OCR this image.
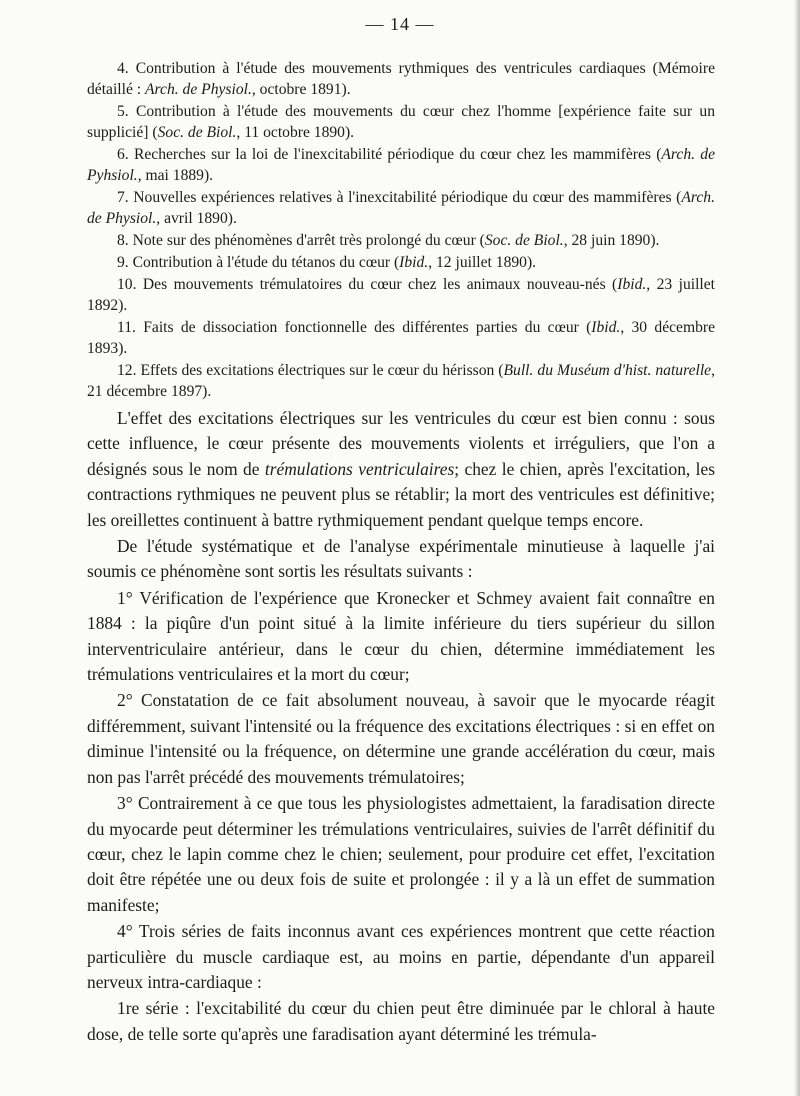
— 14 —

4. Contribution à l'étude des mouvements rythmiques des ventricules cardiaques (Mémoire détaillé : Arch. de Physiol., octobre 1891).

5. Contribution à l'étude des mouvements du cœur chez l'homme [expérience faite sur un supplicié] (Soc. de Biol., 11 octobre 1890).

6. Recherches sur la loi de l'inexcitabilité périodique du cœur chez les mammifères (Arch. de Pyhsiol., mai 1889).

7. Nouvelles expériences relatives à l'inexcitabilité périodique du cœur des mammifères (Arch. de Physiol., avril 1890).

8. Note sur des phénomènes d'arrêt très prolongé du cœur (Soc. de Biol., 28 juin 1890).

9. Contribution à l'étude du tétanos du cœur (Ibid., 12 juillet 1890).

10. Des mouvements trémulatoires du cœur chez les animaux nouveau-nés (Ibid., 23 juillet 1892).

11. Faits de dissociation fonctionnelle des différentes parties du cœur (Ibid., 30 décembre 1893).

12. Effets des excitations électriques sur le cœur du hérisson (Bull. du Muséum d'hist. naturelle, 21 décembre 1897).

L'effet des excitations électriques sur les ventricules du cœur est bien connu : sous cette influence, le cœur présente des mouvements violents et irréguliers, que l'on a désignés sous le nom de trémulations ventriculaires; chez le chien, après l'excitation, les contractions rythmiques ne peuvent plus se rétablir; la mort des ventricules est définitive; les oreillettes continuent à battre rythmiquement pendant quelque temps encore.

De l'étude systématique et de l'analyse expérimentale minutieuse à laquelle j'ai soumis ce phénomène sont sortis les résultats suivants :

1° Vérification de l'expérience que Kronecker et Schmey avaient fait connaître en 1884 : la piqûre d'un point situé à la limite inférieure du tiers supérieur du sillon interventriculaire antérieur, dans le cœur du chien, détermine immédiatement les trémulations ventriculaires et la mort du cœur;

2° Constatation de ce fait absolument nouveau, à savoir que le myocarde réagit différemment, suivant l'intensité ou la fréquence des excitations électriques : si en effet on diminue l'intensité ou la fréquence, on détermine une grande accélération du cœur, mais non pas l'arrêt précédé des mouvements trémulatoires;

3° Contrairement à ce que tous les physiologistes admettaient, la faradisation directe du myocarde peut déterminer les trémulations ventriculaires, suivies de l'arrêt définitif du cœur, chez le lapin comme chez le chien; seulement, pour produire cet effet, l'excitation doit être répétée une ou deux fois de suite et prolongée : il y a là un effet de summation manifeste;

4° Trois séries de faits inconnus avant ces expériences montrent que cette réaction particulière du muscle cardiaque est, au moins en partie, dépendante d'un appareil nerveux intra-cardiaque :

1re série : l'excitabilité du cœur du chien peut être diminuée par le chloral à haute dose, de telle sorte qu'après une faradisation ayant déterminé les trémula-
